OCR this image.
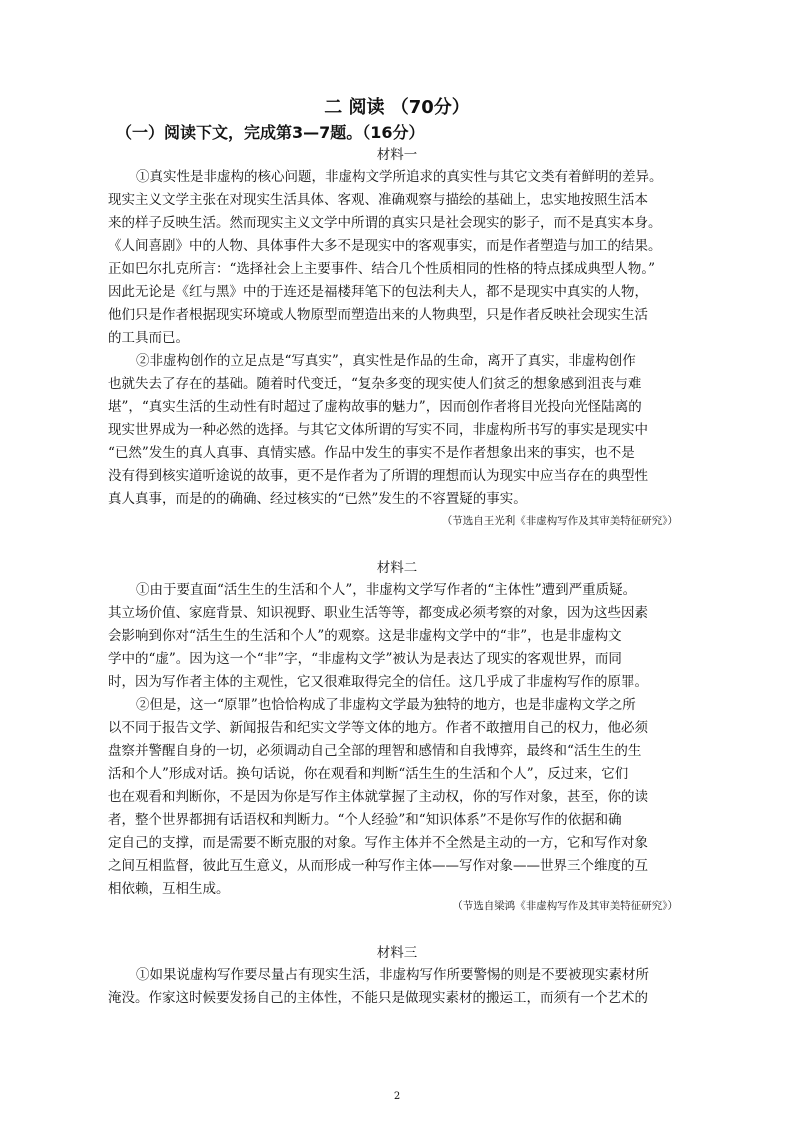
二 阅读 （70分）
（一）阅读下文，完成第3—7题。（16分）
材料一
①真实性是非虚构的核心问题，非虚构文学所追求的真实性与其它文类有着鲜明的差异。
现实主义文学主张在对现实生活具体、客观、准确观察与描绘的基础上，忠实地按照生活本
来的样子反映生活。然而现实主义文学中所谓的真实只是社会现实的影子，而不是真实本身。
《人间喜剧》中的人物、具体事件大多不是现实中的客观事实，而是作者塑造与加工的结果。
正如巴尔扎克所言：“选择社会上主要事件、结合几个性质相同的性格的特点揉成典型人物。”
因此无论是《红与黑》中的于连还是福楼拜笔下的包法利夫人，都不是现实中真实的人物，
他们只是作者根据现实环境或人物原型而塑造出来的人物典型，只是作者反映社会现实生活
的工具而已。
②非虚构创作的立足点是“写真实”，真实性是作品的生命，离开了真实，非虚构创作
也就失去了存在的基础。随着时代变迁，“复杂多变的现实使人们贫乏的想象感到沮丧与难
堪”，“真实生活的生动性有时超过了虚构故事的魅力”，因而创作者将目光投向光怪陆离的
现实世界成为一种必然的选择。与其它文体所谓的写实不同，非虚构所书写的事实是现实中
“已然”发生的真人真事、真情实感。作品中发生的事实不是作者想象出来的事实，也不是
没有得到核实道听途说的故事，更不是作者为了所谓的理想而认为现实中应当存在的典型性
真人真事，而是的的确确、经过核实的“已然”发生的不容置疑的事实。
（节选自王光利《非虚构写作及其审美特征研究》）
材料二
①由于要直面“活生生的生活和个人”，非虚构文学写作者的“主体性”遭到严重质疑。
其立场价值、家庭背景、知识视野、职业生活等等，都变成必须考察的对象，因为这些因素
会影响到你对“活生生的生活和个人”的观察。这是非虚构文学中的“非”，也是非虚构文
学中的“虚”。因为这一个“非”字，“非虚构文学”被认为是表达了现实的客观世界，而同
时，因为写作者主体的主观性，它又很难取得完全的信任。这几乎成了非虚构写作的原罪。
②但是，这一“原罪”也恰恰构成了非虚构文学最为独特的地方，也是非虚构文学之所
以不同于报告文学、新闻报告和纪实文学等文体的地方。作者不敢擅用自己的权力，他必须
盘察并警醒自身的一切，必须调动自己全部的理智和感情和自我博弈，最终和“活生生的生
活和个人”形成对话。换句话说，你在观看和判断“活生生的生活和个人”，反过来，它们
也在观看和判断你，不是因为你是写作主体就掌握了主动权，你的写作对象，甚至，你的读
者，整个世界都拥有话语权和判断力。“个人经验”和“知识体系”不是你写作的依据和确
定自己的支撑，而是需要不断克服的对象。写作主体并不全然是主动的一方，它和写作对象
之间互相监督，彼此互生意义，从而形成一种写作主体——写作对象——世界三个维度的互
相依赖，互相生成。
（节选自梁鸿《非虚构写作及其审美特征研究》）
材料三
①如果说虚构写作要尽量占有现实生活，非虚构写作所要警惕的则是不要被现实素材所
淹没。作家这时候要发扬自己的主体性，不能只是做现实素材的搬运工，而须有一个艺术的
2
